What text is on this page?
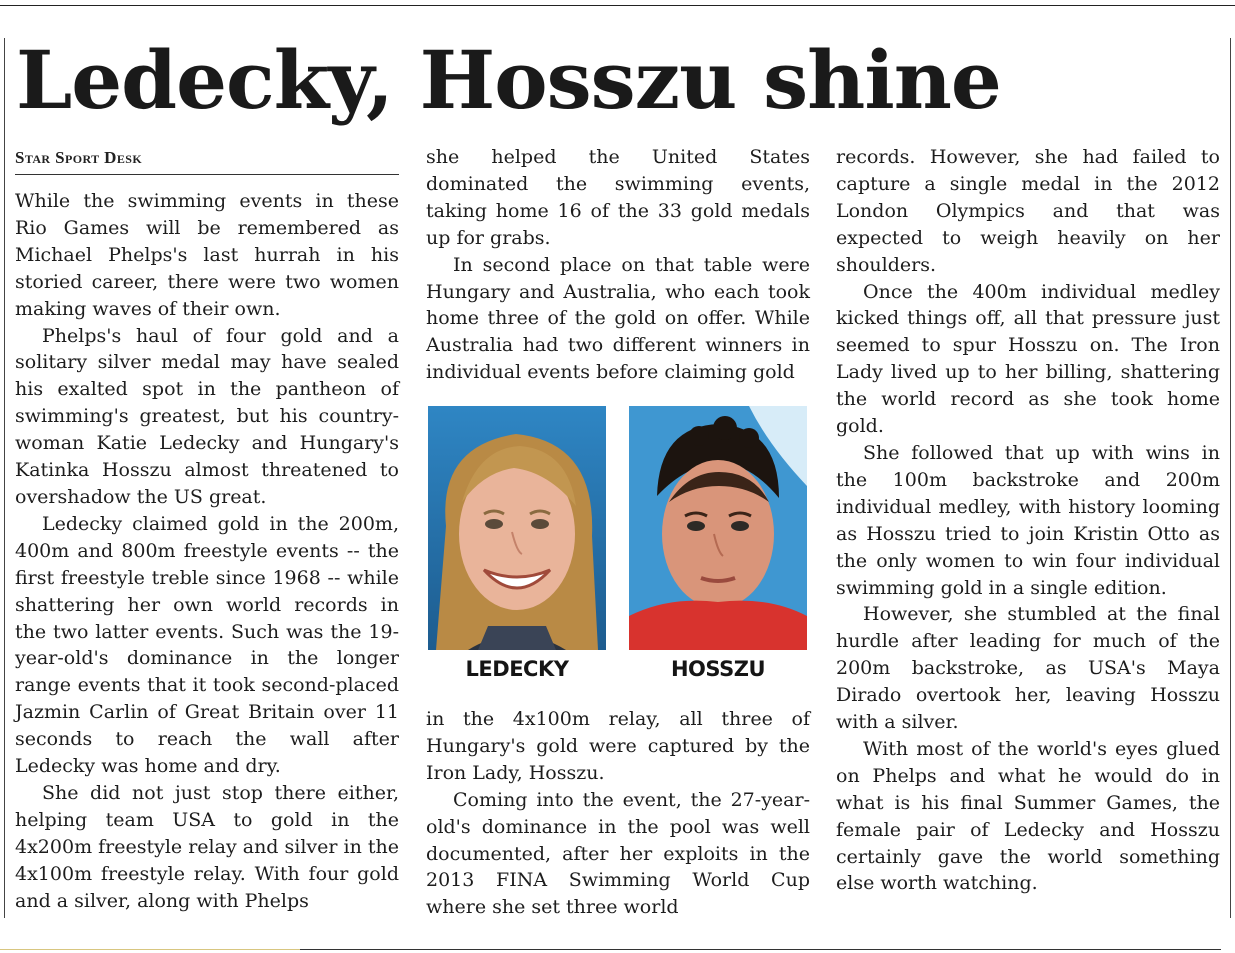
Ledecky, Hosszu shine
Star Sport Desk

While the swimming events in these Rio Games will be remembered as Michael Phelps's last hurrah in his storied career, there were two women making waves of their own.

Phelps's haul of four gold and a solitary silver medal may have sealed his exalted spot in the pantheon of swimming's greatest, but his country-woman Katie Ledecky and Hungary's Katinka Hosszu almost threatened to overshadow the US great.

Ledecky claimed gold in the 200m, 400m and 800m freestyle events -- the first freestyle treble since 1968 -- while shattering her own world records in the two latter events. Such was the 19-year-old's dominance in the longer range events that it took second-placed Jazmin Carlin of Great Britain over 11 seconds to reach the wall after Ledecky was home and dry.

She did not just stop there either, helping team USA to gold in the 4x200m freestyle relay and silver in the 4x100m freestyle relay. With four gold and a silver, along with Phelps

she helped the United States dominated the swimming events, taking home 16 of the 33 gold medals up for grabs.

In second place on that table were Hungary and Australia, who each took home three of the gold on offer. While Australia had two different winners in individual events before claiming gold

LEDECKY	HOSSZU

in the 4x100m relay, all three of Hungary's gold were captured by the Iron Lady, Hosszu.

Coming into the event, the 27-year-old's dominance in the pool was well documented, after her exploits in the 2013 FINA Swimming World Cup where she set three world

records. However, she had failed to capture a single medal in the 2012 London Olympics and that was expected to weigh heavily on her shoulders.

Once the 400m individual medley kicked things off, all that pressure just seemed to spur Hosszu on. The Iron Lady lived up to her billing, shattering the world record as she took home gold.

She followed that up with wins in the 100m backstroke and 200m individual medley, with history looming as Hosszu tried to join Kristin Otto as the only women to win four individual swimming gold in a single edition.

However, she stumbled at the final hurdle after leading for much of the 200m backstroke, as USA's Maya Dirado overtook her, leaving Hosszu with a silver.

With most of the world's eyes glued on Phelps and what he would do in what is his final Summer Games, the female pair of Ledecky and Hosszu certainly gave the world something else worth watching.
